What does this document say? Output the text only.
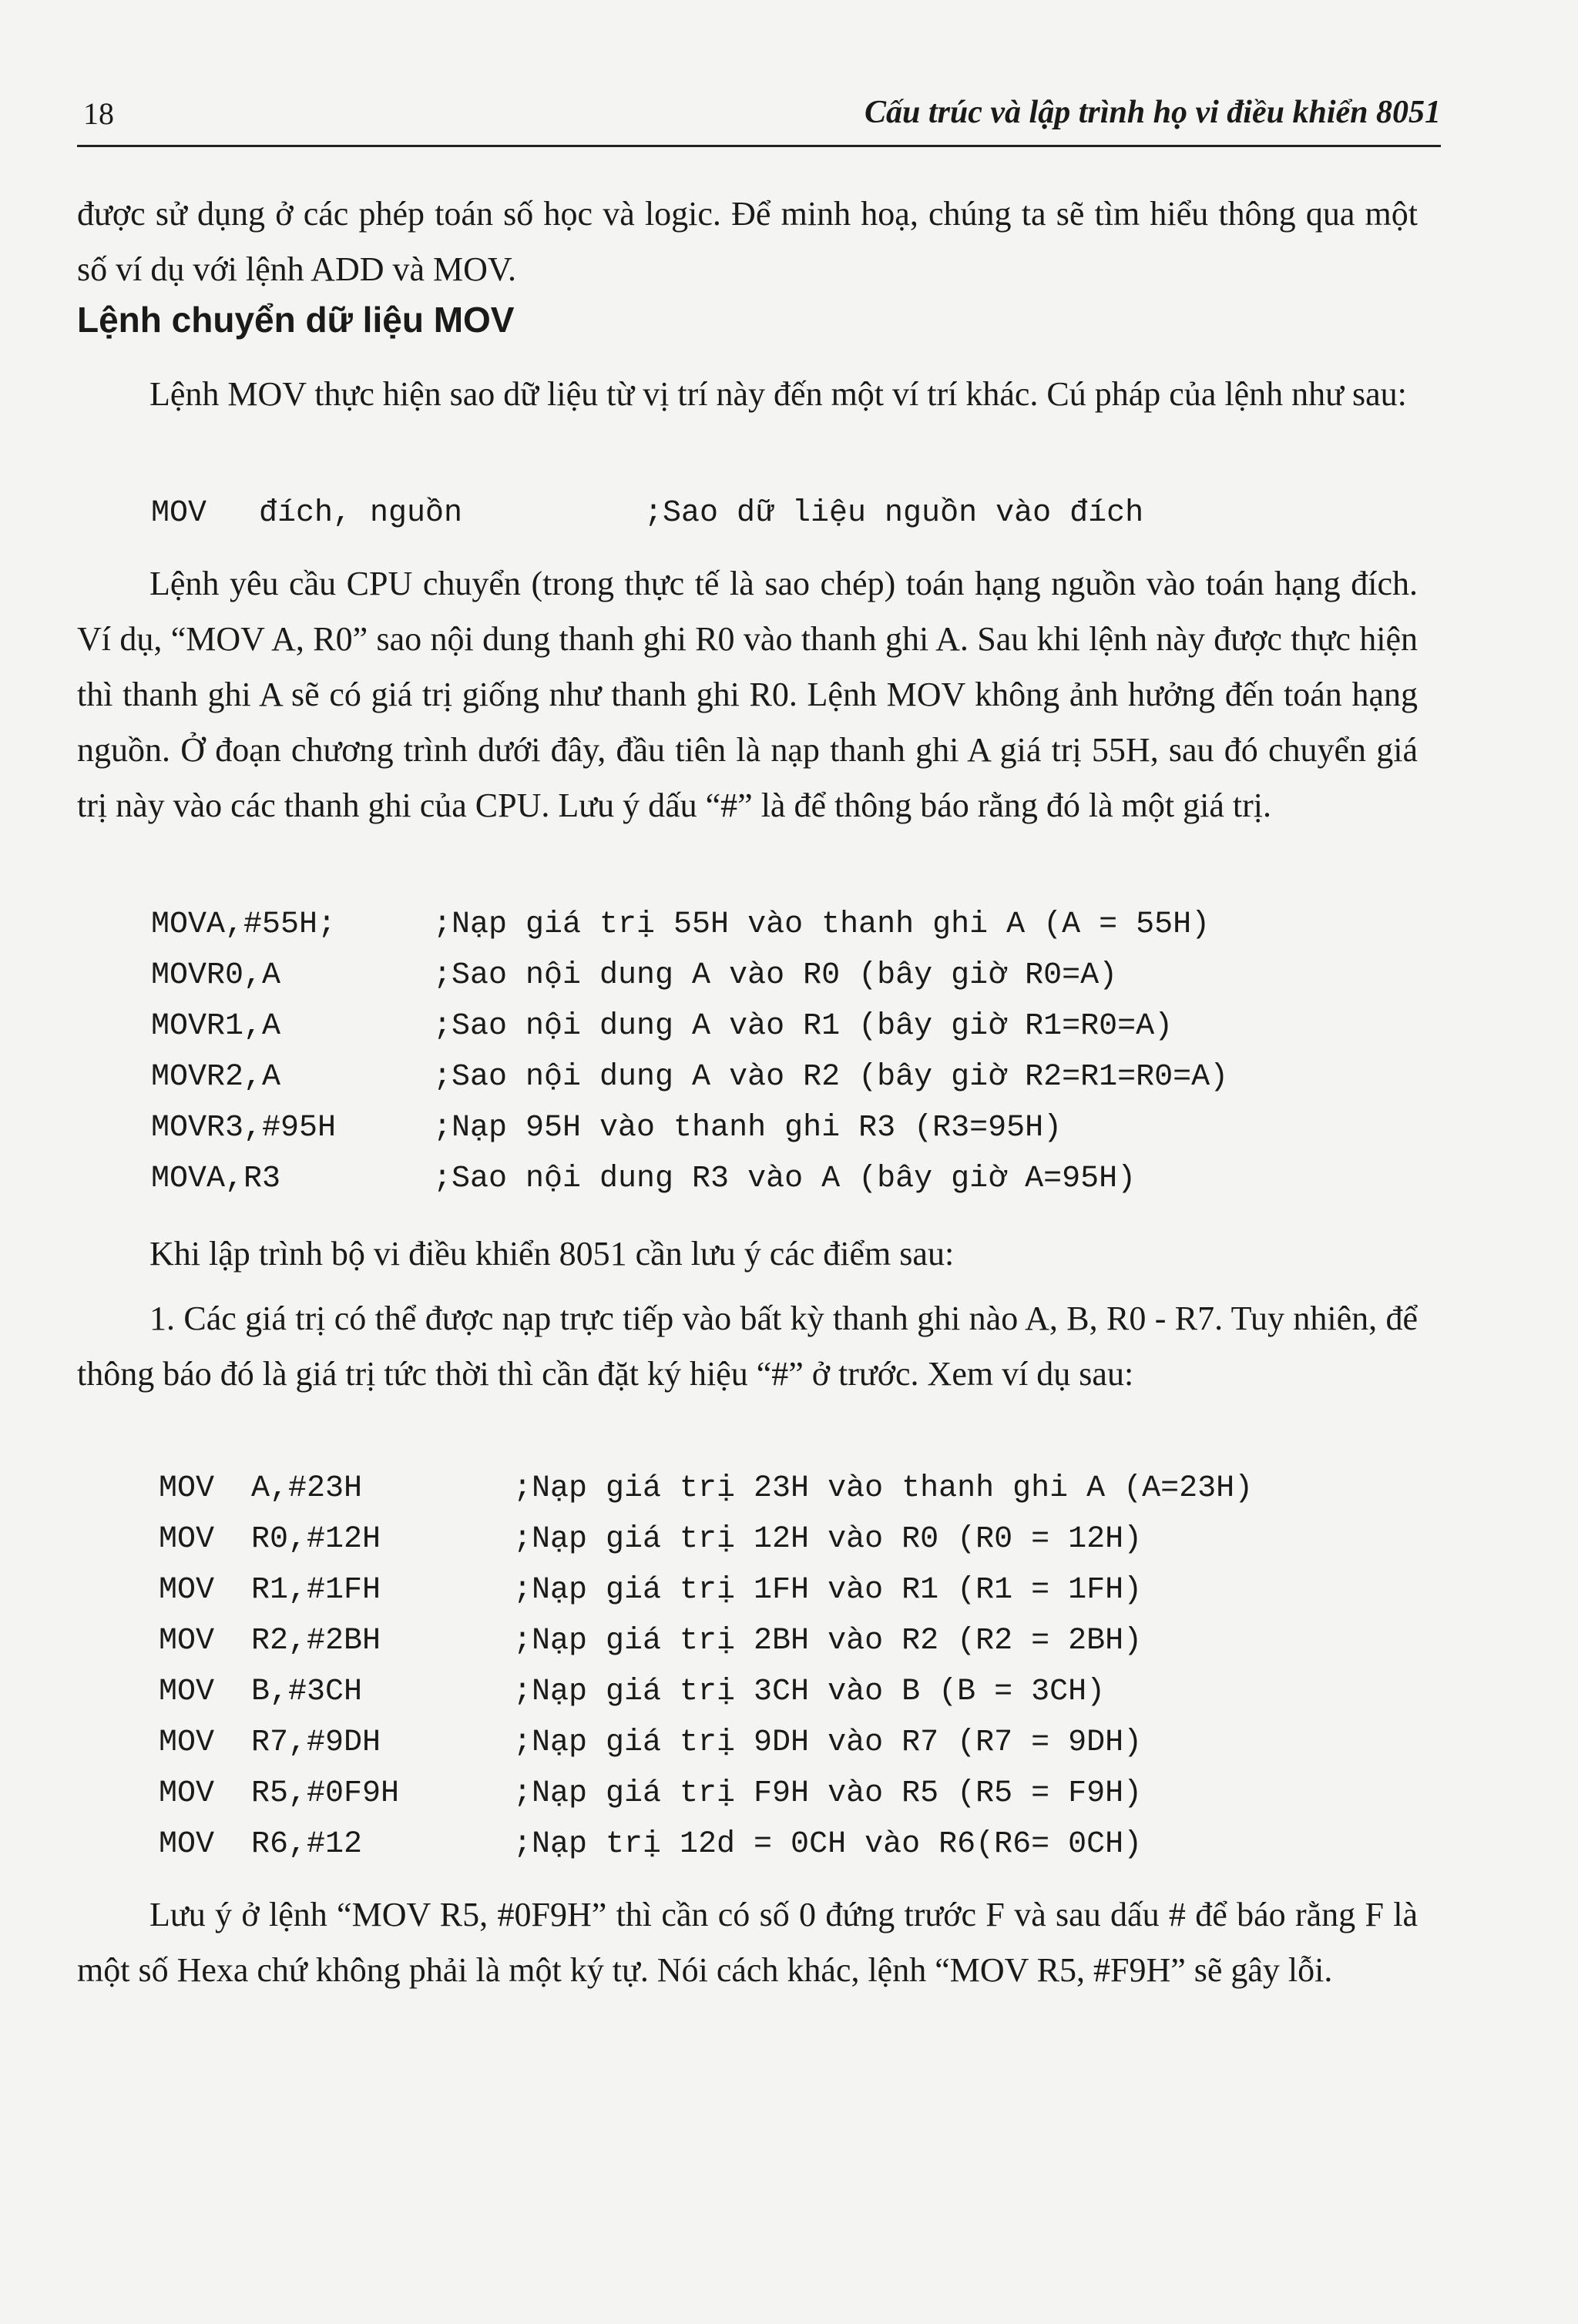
18	Cấu trúc và lập trình họ vi điều khiển 8051

được sử dụng ở các phép toán số học và logic. Để minh hoạ, chúng ta sẽ tìm hiểu thông qua một số ví dụ với lệnh ADD và MOV.

Lệnh chuyển dữ liệu MOV

Lệnh MOV thực hiện sao dữ liệu từ vị trí này đến một ví trí khác. Cú pháp của lệnh như sau:

MOV đích, nguồn	;Sao dữ liệu nguồn vào đích

Lệnh yêu cầu CPU chuyển (trong thực tế là sao chép) toán hạng nguồn vào toán hạng đích. Ví dụ, “MOV A, R0” sao nội dung thanh ghi R0 vào thanh ghi A. Sau khi lệnh này được thực hiện thì thanh ghi A sẽ có giá trị giống như thanh ghi R0. Lệnh MOV không ảnh hưởng đến toán hạng nguồn. Ở đoạn chương trình dưới đây, đầu tiên là nạp thanh ghi A giá trị 55H, sau đó chuyển giá trị này vào các thanh ghi của CPU. Lưu ý dấu “#” là để thông báo rằng đó là một giá trị.

MOVA,#55H;	;Nạp giá trị 55H vào thanh ghi A (A = 55H)
MOVR0,A	;Sao nội dung A vào R0 (bây giờ R0=A)
MOVR1,A	;Sao nội dung A vào R1 (bây giờ R1=R0=A)
MOVR2,A	;Sao nội dung A vào R2 (bây giờ R2=R1=R0=A)
MOVR3,#95H	;Nạp 95H vào thanh ghi R3 (R3=95H)
MOVA,R3	;Sao nội dung R3 vào A (bây giờ A=95H)

Khi lập trình bộ vi điều khiển 8051 cần lưu ý các điểm sau:

1. Các giá trị có thể được nạp trực tiếp vào bất kỳ thanh ghi nào A, B, R0 - R7. Tuy nhiên, để thông báo đó là giá trị tức thời thì cần đặt ký hiệu “#” ở trước. Xem ví dụ sau:

MOV A,#23H	;Nạp giá trị 23H vào thanh ghi A (A=23H)
MOV R0,#12H	;Nạp giá trị 12H vào R0 (R0 = 12H)
MOV R1,#1FH	;Nạp giá trị 1FH vào R1 (R1 = 1FH)
MOV R2,#2BH	;Nạp giá trị 2BH vào R2 (R2 = 2BH)
MOV B,#3CH	;Nạp giá trị 3CH vào B (B = 3CH)
MOV R7,#9DH	;Nạp giá trị 9DH vào R7 (R7 = 9DH)
MOV R5,#0F9H	;Nạp giá trị F9H vào R5 (R5 = F9H)
MOV R6,#12	;Nạp trị 12d = 0CH vào R6(R6= 0CH)

Lưu ý ở lệnh “MOV R5, #0F9H” thì cần có số 0 đứng trước F và sau dấu # để báo rằng F là một số Hexa chứ không phải là một ký tự. Nói cách khác, lệnh “MOV R5, #F9H” sẽ gây lỗi.
